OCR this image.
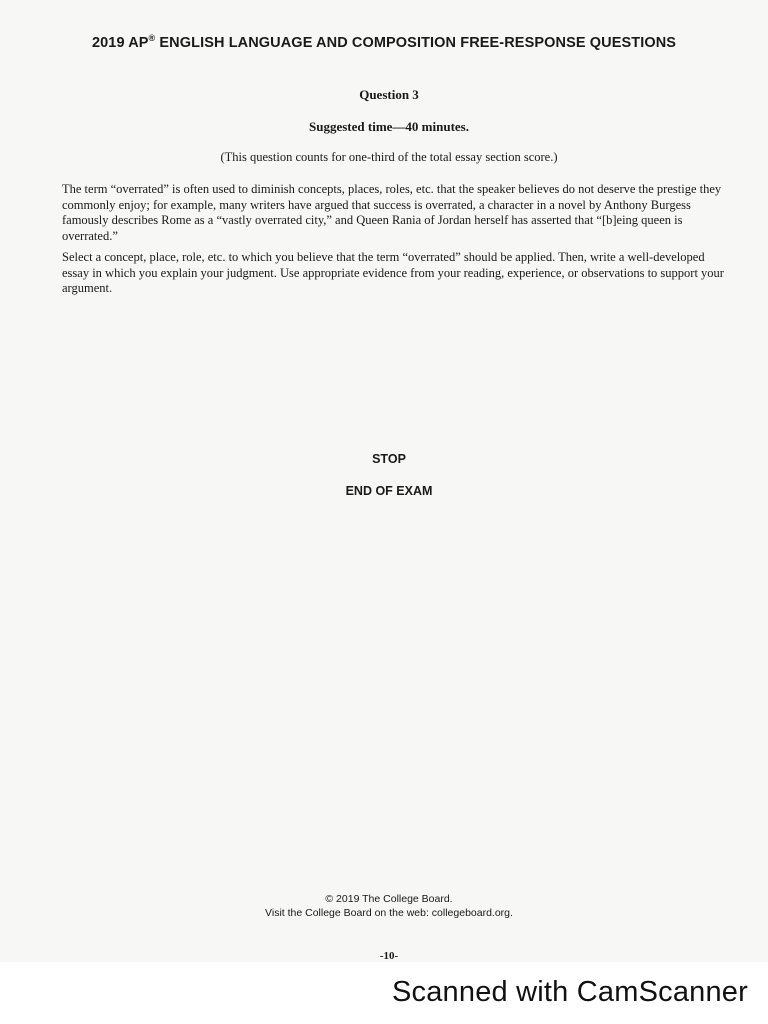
2019 AP® ENGLISH LANGUAGE AND COMPOSITION FREE-RESPONSE QUESTIONS
Question 3
Suggested time—40 minutes.
(This question counts for one-third of the total essay section score.)

The term “overrated” is often used to diminish concepts, places, roles, etc. that the speaker believes do not deserve the prestige they commonly enjoy; for example, many writers have argued that success is overrated, a character in a novel by Anthony Burgess famously describes Rome as a “vastly overrated city,” and Queen Rania of Jordan herself has asserted that “[b]eing queen is overrated.”

Select a concept, place, role, etc. to which you believe that the term “overrated” should be applied. Then, write a well-developed essay in which you explain your judgment. Use appropriate evidence from your reading, experience, or observations to support your argument.

STOP
END OF EXAM
© 2019 The College Board.
Visit the College Board on the web: collegeboard.org.
-10-
Scanned with CamScanner
